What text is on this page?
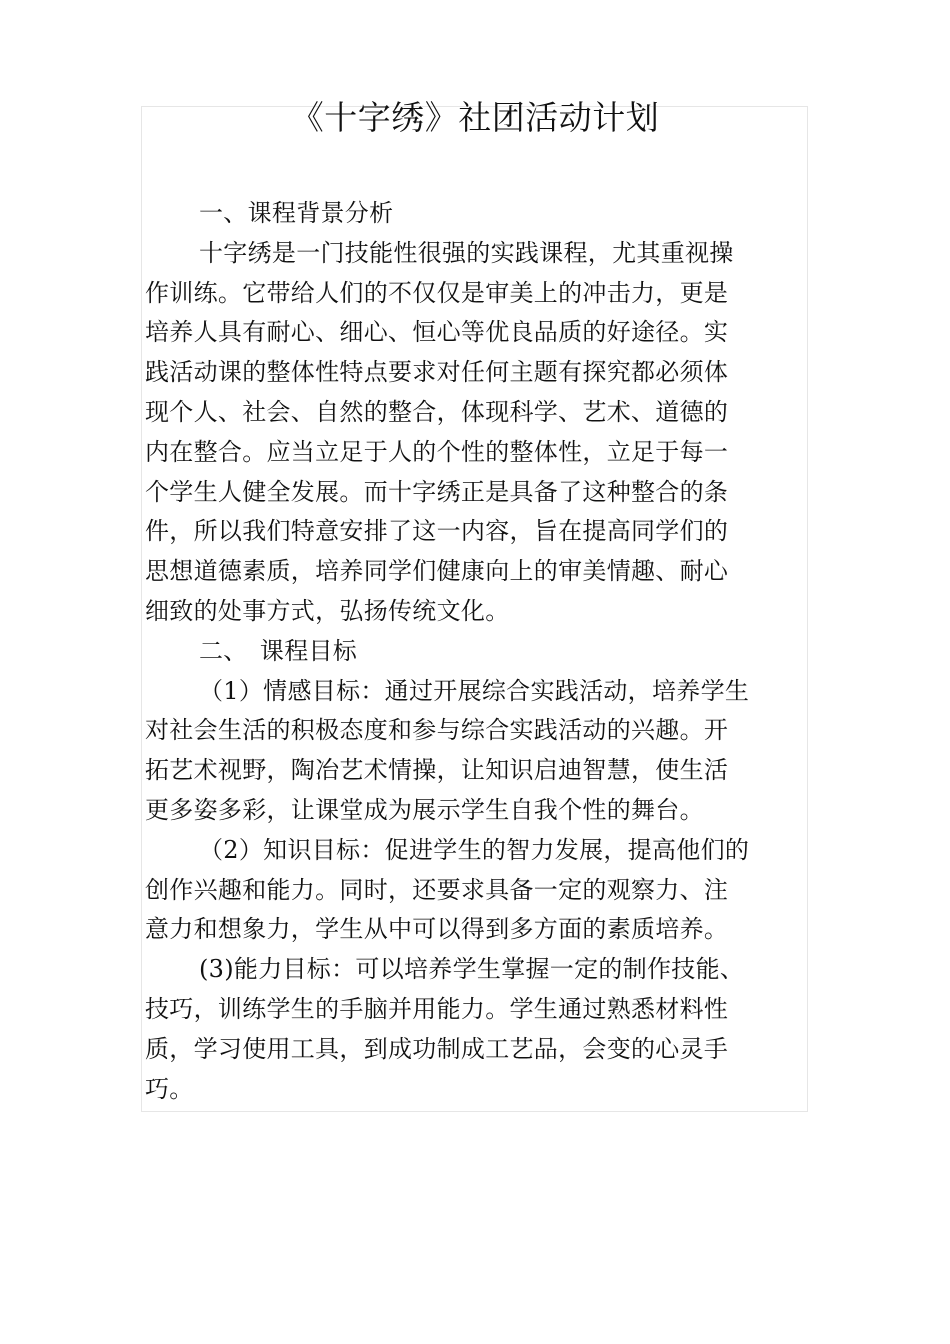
《十字绣》社团活动计划
一、课程背景分析
十字绣是一门技能性很强的实践课程，尤其重视操
作训练。它带给人们的不仅仅是审美上的冲击力，更是
培养人具有耐心、细心、恒心等优良品质的好途径。实
践活动课的整体性特点要求对任何主题有探究都必须体
现个人、社会、自然的整合，体现科学、艺术、道德的
内在整合。应当立足于人的个性的整体性，立足于每一
个学生人健全发展。而十字绣正是具备了这种整合的条
件，所以我们特意安排了这一内容，旨在提高同学们的
思想道德素质，培养同学们健康向上的审美情趣、耐心
细致的处事方式，弘扬传统文化。
二、　课程目标
（1）情感目标：通过开展综合实践活动，培养学生
对社会生活的积极态度和参与综合实践活动的兴趣。开
拓艺术视野，陶冶艺术情操，让知识启迪智慧，使生活
更多姿多彩，让课堂成为展示学生自我个性的舞台。
（2）知识目标：促进学生的智力发展，提高他们的
创作兴趣和能力。同时，还要求具备一定的观察力、注
意力和想象力，学生从中可以得到多方面的素质培养。
(3)能力目标：可以培养学生掌握一定的制作技能、
技巧，训练学生的手脑并用能力。学生通过熟悉材料性
质，学习使用工具，到成功制成工艺品，会变的心灵手
巧。
